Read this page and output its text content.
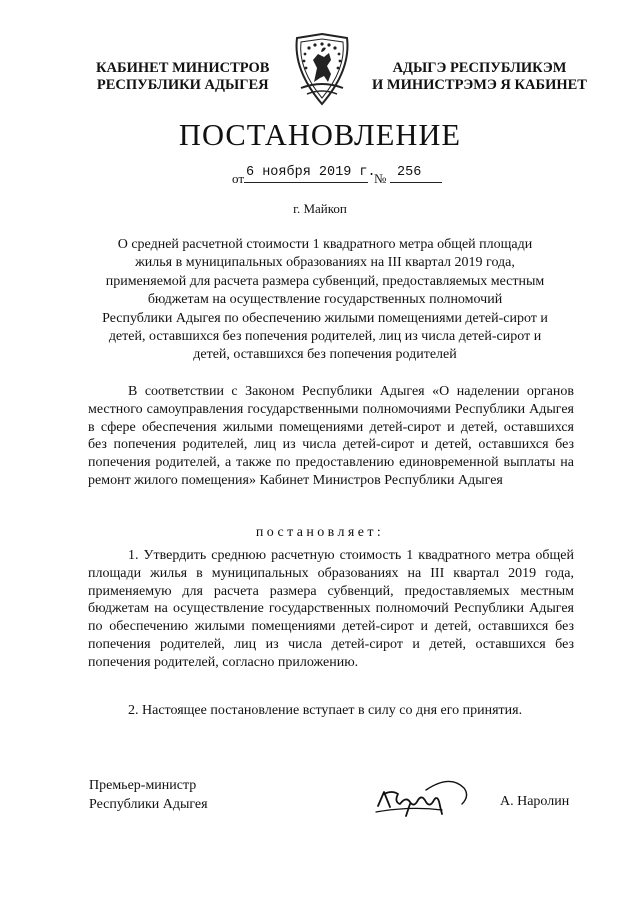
КАБИНЕТ МИНИСТРОВ
РЕСПУБЛИКИ АДЫГЕЯ
АДЫГЭ РЕСПУБЛИКЭМ
И МИНИСТРЭМЭ Я КАБИНЕТ
ПОСТАНОВЛЕНИЕ
от 6 ноября 2019 г.
№ 256
г. Майкоп
О средней расчетной стоимости 1 квадратного метра общей площади
жилья в муниципальных образованиях на III квартал 2019 года,
применяемой для расчета размера субвенций, предоставляемых местным
бюджетам на осуществление государственных полномочий
Республики Адыгея по обеспечению жилыми помещениями детей-сирот и
детей, оставшихся без попечения родителей, лиц из числа детей-сирот и
детей, оставшихся без попечения родителей
В соответствии с Законом Республики Адыгея «О наделении органов местного самоуправления государственными полномочиями Республики Адыгея в сфере обеспечения жилыми помещениями детей-сирот и детей, оставшихся без попечения родителей, лиц из числа детей-сирот и детей, оставшихся без попечения родителей, а также по предоставлению единовременной выплаты на ремонт жилого помещения» Кабинет Министров Республики Адыгея
постановляет:
1. Утвердить среднюю расчетную стоимость 1 квадратного метра общей площади жилья в муниципальных образованиях на III квартал 2019 года, применяемую для расчета размера субвенций, предоставляемых местным бюджетам на осуществление государственных полномочий Республики Адыгея по обеспечению жилыми помещениями детей-сирот и детей, оставшихся без попечения родителей, лиц из числа детей-сирот и детей, оставшихся без попечения родителей, согласно приложению.
2. Настоящее постановление вступает в силу со дня его принятия.
Премьер-министр
Республики Адыгея	А. Наролин
